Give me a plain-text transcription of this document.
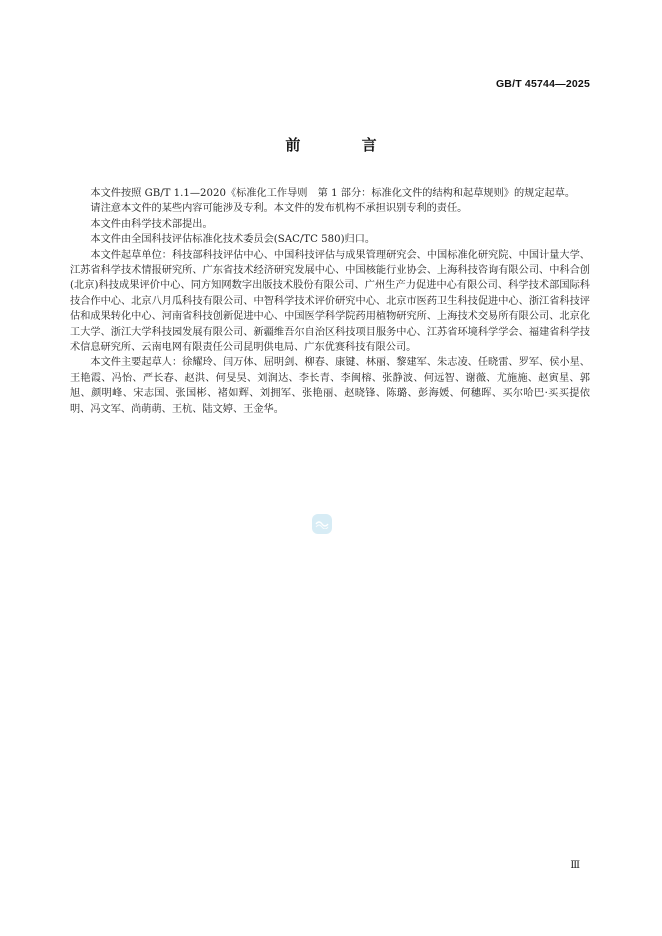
GB/T 45744—2025
前 言

本文件按照 GB/T 1.1—2020《标准化工作导则　第 1 部分：标准化文件的结构和起草规则》的规定起草。

请注意本文件的某些内容可能涉及专利。本文件的发布机构不承担识别专利的责任。

本文件由科学技术部提出。

本文件由全国科技评估标准化技术委员会(SAC/TC 580)归口。

本文件起草单位：科技部科技评估中心、中国科技评估与成果管理研究会、中国标准化研究院、中国计量大学、江苏省科学技术情报研究所、广东省技术经济研究发展中心、中国核能行业协会、上海科技咨询有限公司、中科合创(北京)科技成果评价中心、同方知网数字出版技术股份有限公司、广州生产力促进中心有限公司、科学技术部国际科技合作中心、北京八月瓜科技有限公司、中智科学技术评价研究中心、北京市医药卫生科技促进中心、浙江省科技评估和成果转化中心、河南省科技创新促进中心、中国医学科学院药用植物研究所、上海技术交易所有限公司、北京化工大学、浙江大学科技园发展有限公司、新疆维吾尔自治区科技项目服务中心、江苏省环境科学学会、福建省科学技术信息研究所、云南电网有限责任公司昆明供电局、广东优赛科技有限公司。

本文件主要起草人：徐耀玲、闫万体、屈明剑、柳春、康键、林丽、黎建军、朱志凌、任晓雷、罗军、侯小星、王艳霞、冯怡、严长春、赵洪、何旻昊、刘润达、李长青、李闽榕、张静波、何远智、谢薇、尤施施、赵寅星、郭旭、颜明峰、宋志国、张国彬、褚如辉、刘拥军、张艳丽、赵晓锋、陈璐、彭海媛、何穗晖、买尔哈巴·买买提依明、冯文军、尚萌萌、王杭、陆文婷、王金华。

Ⅲ
